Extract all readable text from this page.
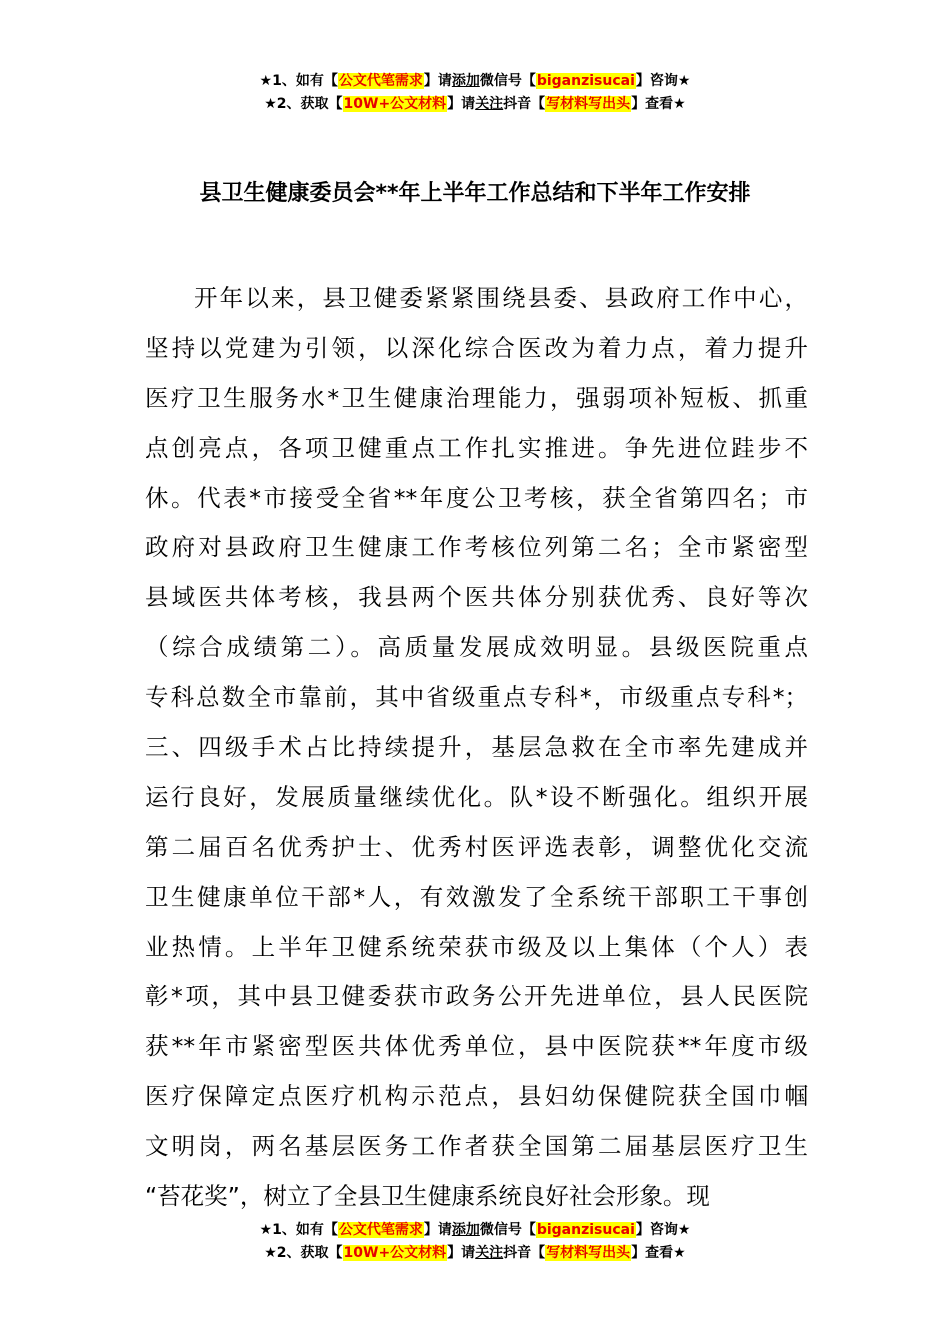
★1、如有【公文代笔需求】请添加微信号【biganzisucai】咨询★
★2、获取【10W+公文材料】请关注抖音【写材料写出头】查看★
县卫生健康委员会**年上半年工作总结和下半年工作安排
开年以来，县卫健委紧紧围绕县委、县政府工作中心，
坚持以党建为引领，以深化综合医改为着力点，着力提升
医疗卫生服务水*卫生健康治理能力，强弱项补短板、抓重
点创亮点，各项卫健重点工作扎实推进。争先进位跬步不
休。代表*市接受全省**年度公卫考核，获全省第四名；市
政府对县政府卫生健康工作考核位列第二名；全市紧密型
县域医共体考核，我县两个医共体分别获优秀、良好等次
（综合成绩第二）。高质量发展成效明显。县级医院重点
专科总数全市靠前，其中省级重点专科*，市级重点专科*；
三、四级手术占比持续提升，基层急救在全市率先建成并
运行良好，发展质量继续优化。队*设不断强化。组织开展
第二届百名优秀护士、优秀村医评选表彰，调整优化交流
卫生健康单位干部*人，有效激发了全系统干部职工干事创
业热情。上半年卫健系统荣获市级及以上集体（个人）表
彰*项，其中县卫健委获市政务公开先进单位，县人民医院
获**年市紧密型医共体优秀单位，县中医院获**年度市级
医疗保障定点医疗机构示范点，县妇幼保健院获全国巾帼
文明岗，两名基层医务工作者获全国第二届基层医疗卫生
“苔花奖”，树立了全县卫生健康系统良好社会形象。现
★1、如有【公文代笔需求】请添加微信号【biganzisucai】咨询★
★2、获取【10W+公文材料】请关注抖音【写材料写出头】查看★
